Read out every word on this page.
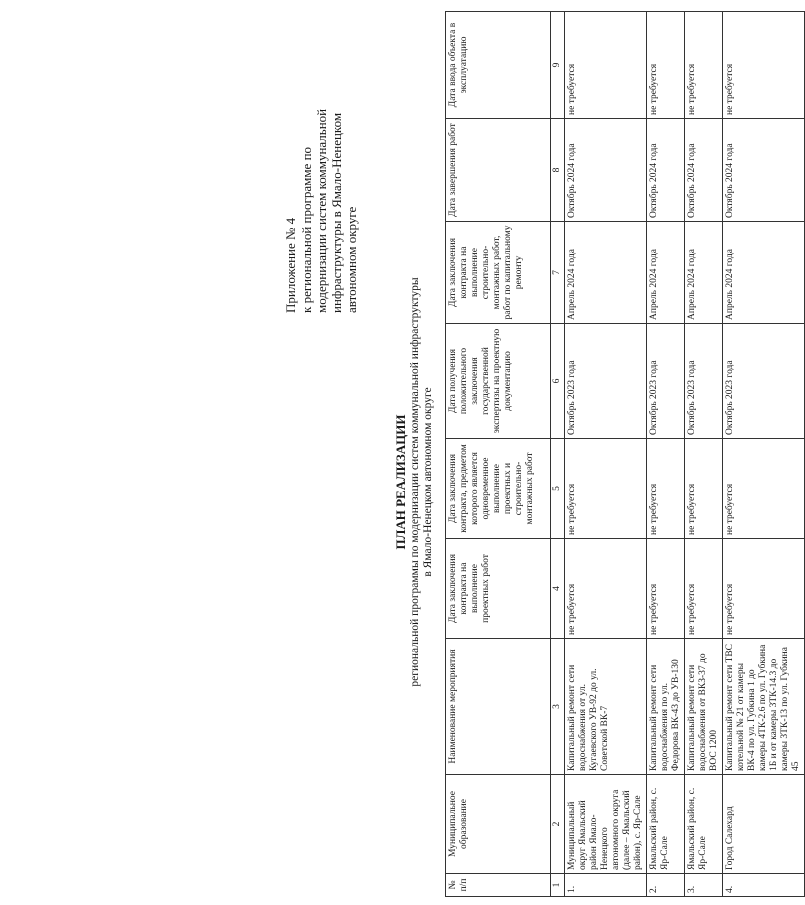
Приложение № 4 к региональной программе по модернизации систем коммунальной инфраструктуры в Ямало-Ненецком автономном округе
ПЛАН РЕАЛИЗАЦИИ региональной программы по модернизации систем коммунальной инфраструктуры в Ямало-Ненецком автономном округе
№ п/п	Муниципальное образование	Наименование мероприятия	Дата заключения контракта на выполнение проектных работ	Дата заключения контракта, предметом которого является одновременное выполнение проектных и строительно-монтажных работ	Дата получения положительного заключения государственной экспертизы на проектную документацию	Дата заключения контракта на выполнение строительно-монтажных работ, работ по капитальному ремонту	Дата завершения работ	Дата ввода объекта в эксплуатацию
1	2	3	4	5	6	7	8	9
1.	Муниципальный округ Ямальский район Ямало-Ненецкого автономного округа (далее – Ямальский район), с. Яр-Сале	Капитальный ремонт сети водоснабжения от ул. Кугаевского УВ-92 до ул. Советской ВК-7	не требуется	не требуется	Октябрь 2023 года	Апрель 2024 года	Октябрь 2024 года	не требуется
2.	Ямальский район, с. Яр-Сале	Капитальный ремонт сети водоснабжения по ул. Федорова ВК-43 до УВ-130	не требуется	не требуется	Октябрь 2023 года	Апрель 2024 года	Октябрь 2024 года	не требуется
3.	Ямальский район, с. Яр-Сале	Капитальный ремонт сети водоснабжения от ВКЗ-37 до ВОС 1200	не требуется	не требуется	Октябрь 2023 года	Апрель 2024 года	Октябрь 2024 года	не требуется
4.	Город Салехард	Капитальный ремонт сети ТВС котельной № 21 от камеры ВК-4 по ул. Губкина 1 до камеры 4ТК-2.6 по ул. Губкина 1Б и от камеры 3ТК-14.3 до камеры 3ТК-13 по ул. Губкина 45	не требуется	не требуется	Октябрь 2023 года	Апрель 2024 года	Октябрь 2024 года	не требуется
